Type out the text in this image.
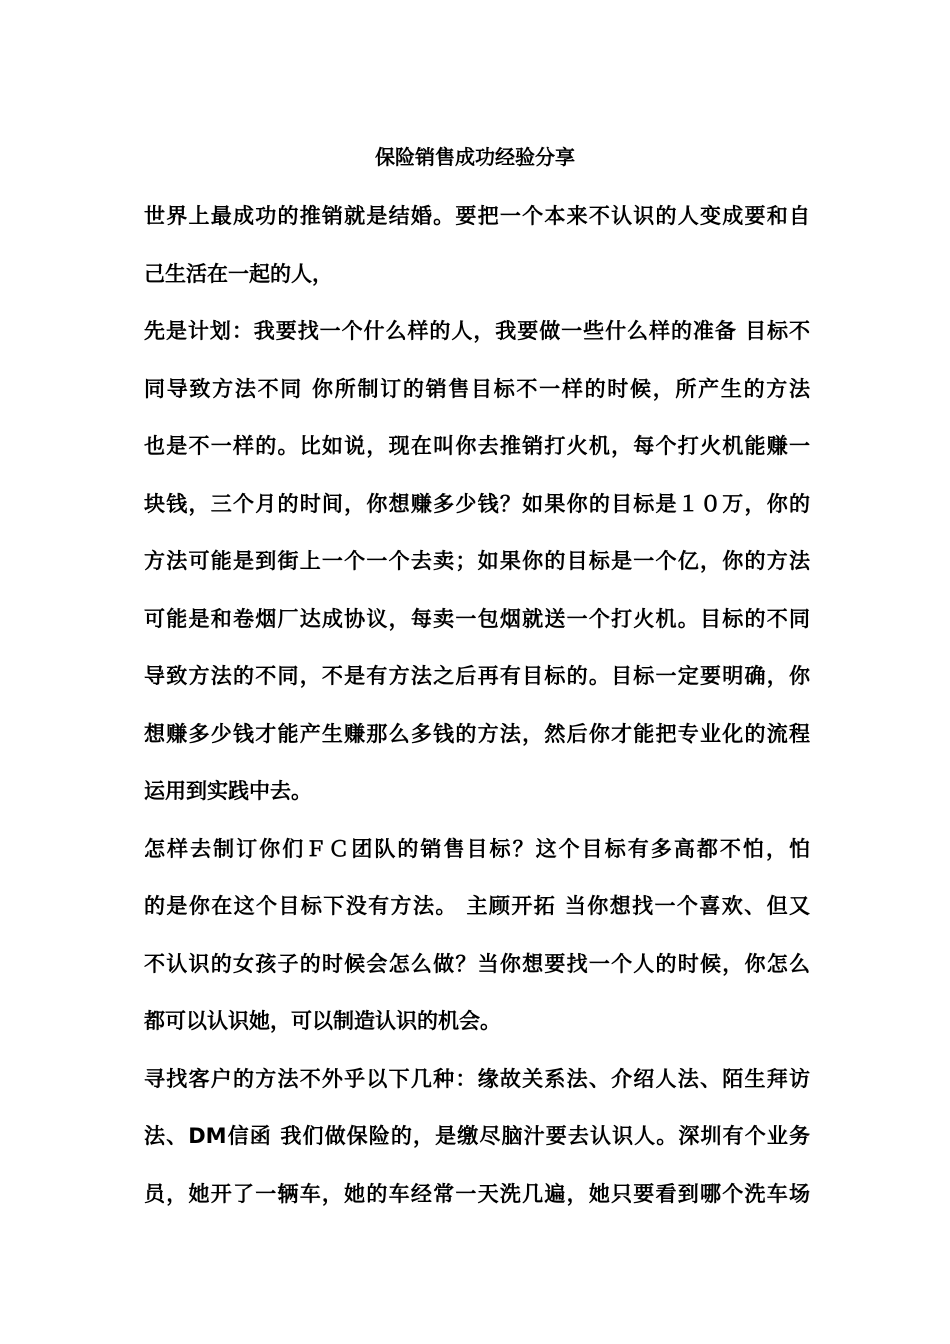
保险销售成功经验分享
世界上最成功的推销就是结婚。要把一个本来不认识的人变成要和自
己生活在一起的人，
先是计划：我要找一个什么样的人，我要做一些什么样的准备 目标不
同导致方法不同 你所制订的销售目标不一样的时候，所产生的方法
也是不一样的。比如说，现在叫你去推销打火机，每个打火机能赚一
块钱，三个月的时间，你想赚多少钱？如果你的目标是１０万，你的
方法可能是到街上一个一个去卖；如果你的目标是一个亿，你的方法
可能是和卷烟厂达成协议，每卖一包烟就送一个打火机。目标的不同
导致方法的不同，不是有方法之后再有目标的。目标一定要明确，你
想赚多少钱才能产生赚那么多钱的方法，然后你才能把专业化的流程
运用到实践中去。
怎样去制订你们ＦＣ团队的销售目标？这个目标有多高都不怕，怕
的是你在这个目标下没有方法。 主顾开拓 当你想找一个喜欢、但又
不认识的女孩子的时候会怎么做？当你想要找一个人的时候，你怎么
都可以认识她，可以制造认识的机会。
寻找客户的方法不外乎以下几种：缘故关系法、介绍人法、陌生拜访
法、DM信函 我们做保险的，是缴尽脑汁要去认识人。深圳有个业务
员，她开了一辆车，她的车经常一天洗几遍，她只要看到哪个洗车场
